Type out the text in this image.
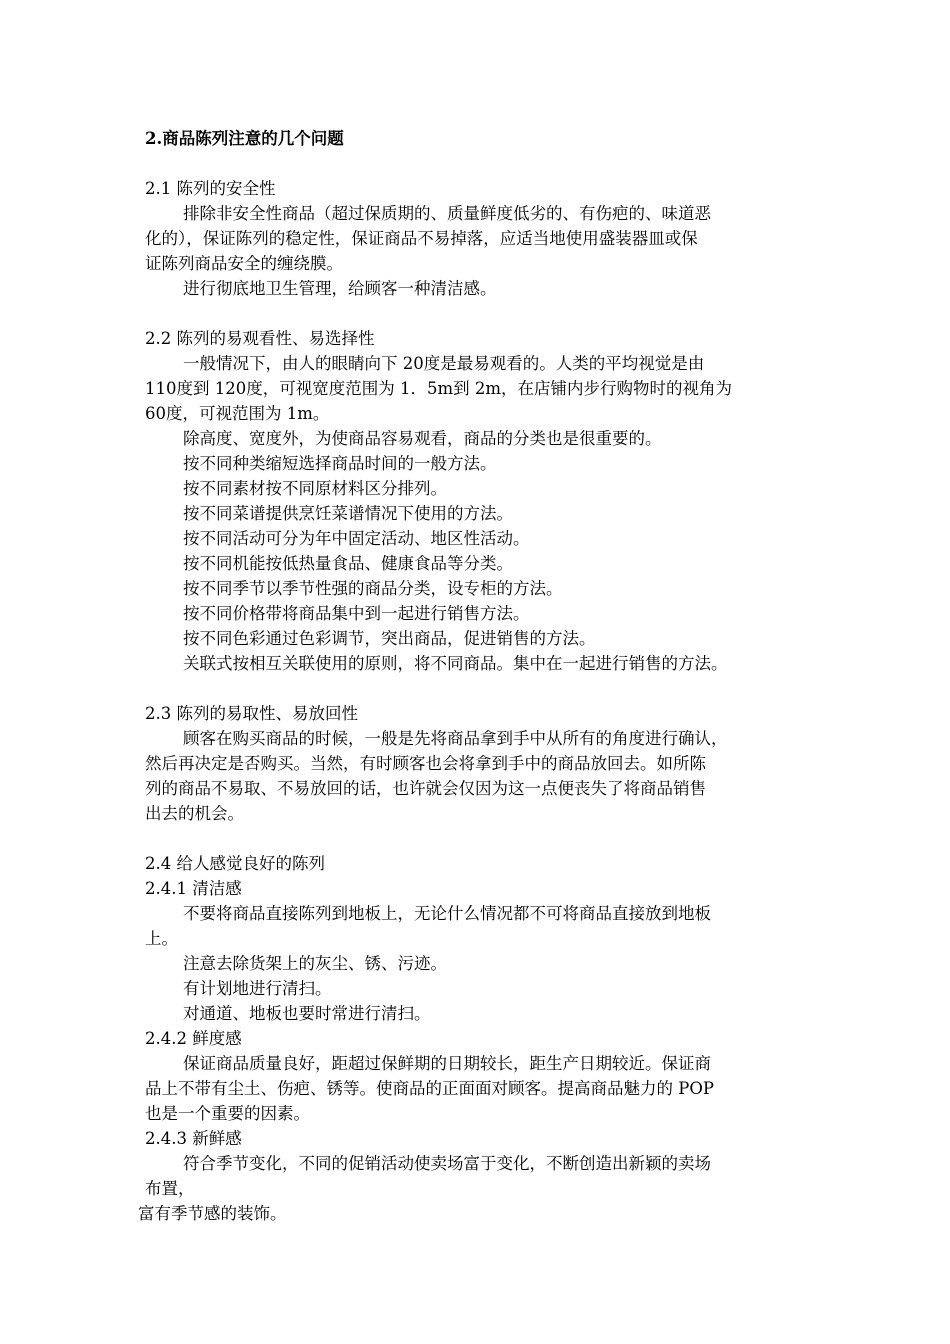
2.商品陈列注意的几个问题
2.1 陈列的安全性
排除非安全性商品（超过保质期的、质量鲜度低劣的、有伤疤的、味道恶
化的），保证陈列的稳定性，保证商品不易掉落，应适当地使用盛装器皿或保
证陈列商品安全的缠绕膜。
进行彻底地卫生管理，给顾客一种清洁感。
2.2 陈列的易观看性、易选择性
一般情况下，由人的眼睛向下 20度是最易观看的。人类的平均视觉是由
110度到 120度，可视宽度范围为 1．5m到 2m，在店铺内步行购物时的视角为
60度，可视范围为 1m。
除高度、宽度外，为使商品容易观看，商品的分类也是很重要的。
按不同种类缩短选择商品时间的一般方法。
按不同素材按不同原材料区分排列。
按不同菜谱提供烹饪菜谱情况下使用的方法。
按不同活动可分为年中固定活动、地区性活动。
按不同机能按低热量食品、健康食品等分类。
按不同季节以季节性强的商品分类，设专柜的方法。
按不同价格带将商品集中到一起进行销售方法。
按不同色彩通过色彩调节，突出商品，促进销售的方法。
关联式按相互关联使用的原则，将不同商品。集中在一起进行销售的方法。
2.3 陈列的易取性、易放回性
顾客在购买商品的时候，一般是先将商品拿到手中从所有的角度进行确认，
然后再决定是否购买。当然，有时顾客也会将拿到手中的商品放回去。如所陈
列的商品不易取、不易放回的话，也许就会仅因为这一点便丧失了将商品销售
出去的机会。
2.4 给人感觉良好的陈列
2.4.1 清洁感
不要将商品直接陈列到地板上，无论什么情况都不可将商品直接放到地板
上。
注意去除货架上的灰尘、锈、污迹。
有计划地进行清扫。
对通道、地板也要时常进行清扫。
2.4.2 鲜度感
保证商品质量良好，距超过保鲜期的日期较长，距生产日期较近。保证商
品上不带有尘土、伤疤、锈等。使商品的正面面对顾客。提高商品魅力的 POP
也是一个重要的因素。
2.4.3 新鲜感
符合季节变化，不同的促销活动使卖场富于变化，不断创造出新颖的卖场
布置，
富有季节感的装饰。
